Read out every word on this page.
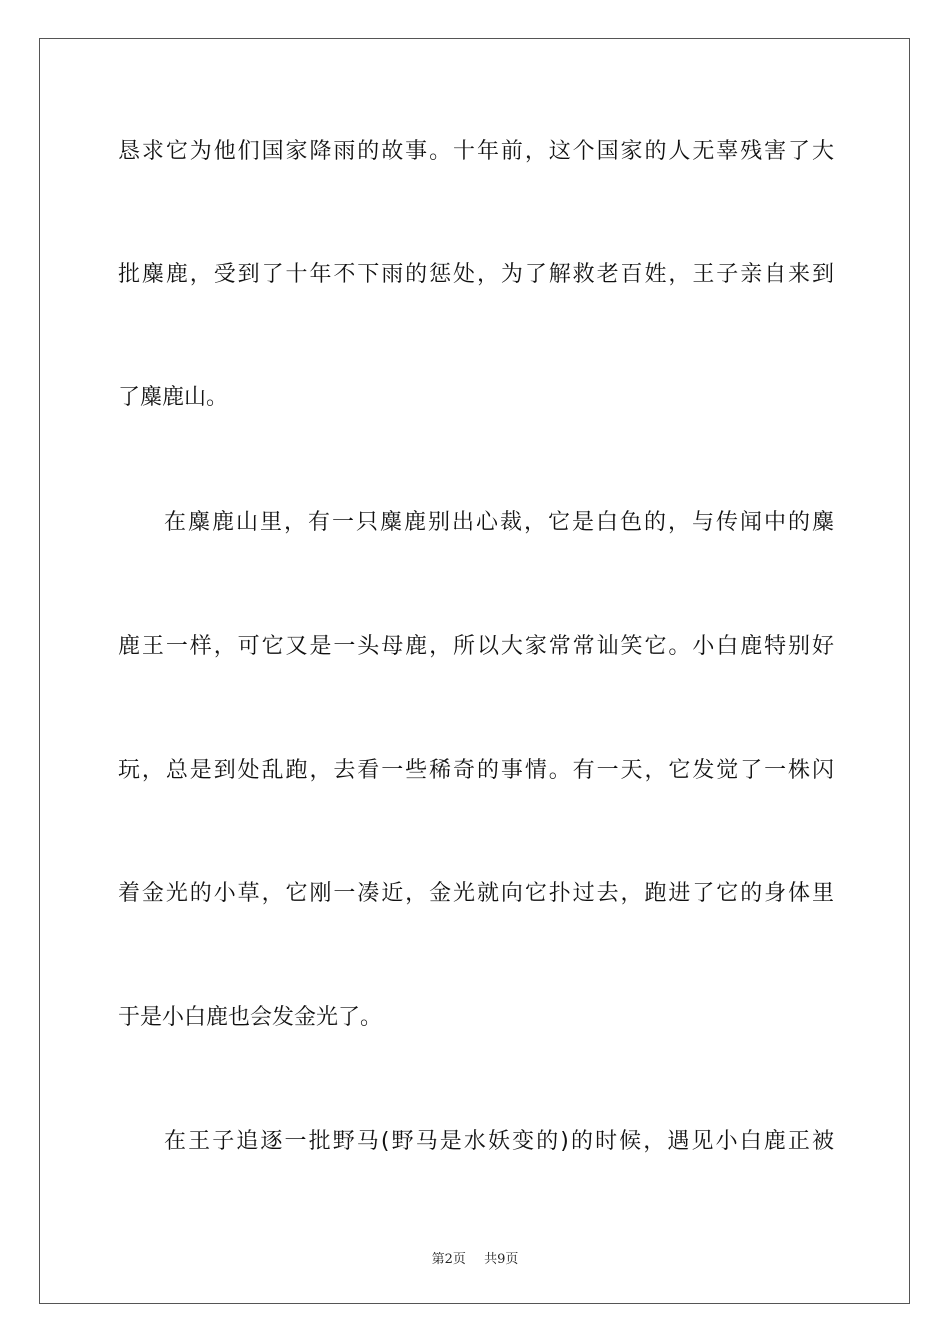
恳求它为他们国家降雨的故事。十年前，这个国家的人无辜残害了大
批麋鹿，受到了十年不下雨的惩处，为了解救老百姓，王子亲自来到
了麋鹿山。
在麋鹿山里，有一只麋鹿别出心裁，它是白色的，与传闻中的麋
鹿王一样，可它又是一头母鹿，所以大家常常讪笑它。小白鹿特别好
玩，总是到处乱跑，去看一些稀奇的事情。有一天，它发觉了一株闪
着金光的小草，它刚一凑近，金光就向它扑过去，跑进了它的身体里
于是小白鹿也会发金光了。
在王子追逐一批野马(野马是水妖变的)的时候，遇见小白鹿正被
第2页 共9页
